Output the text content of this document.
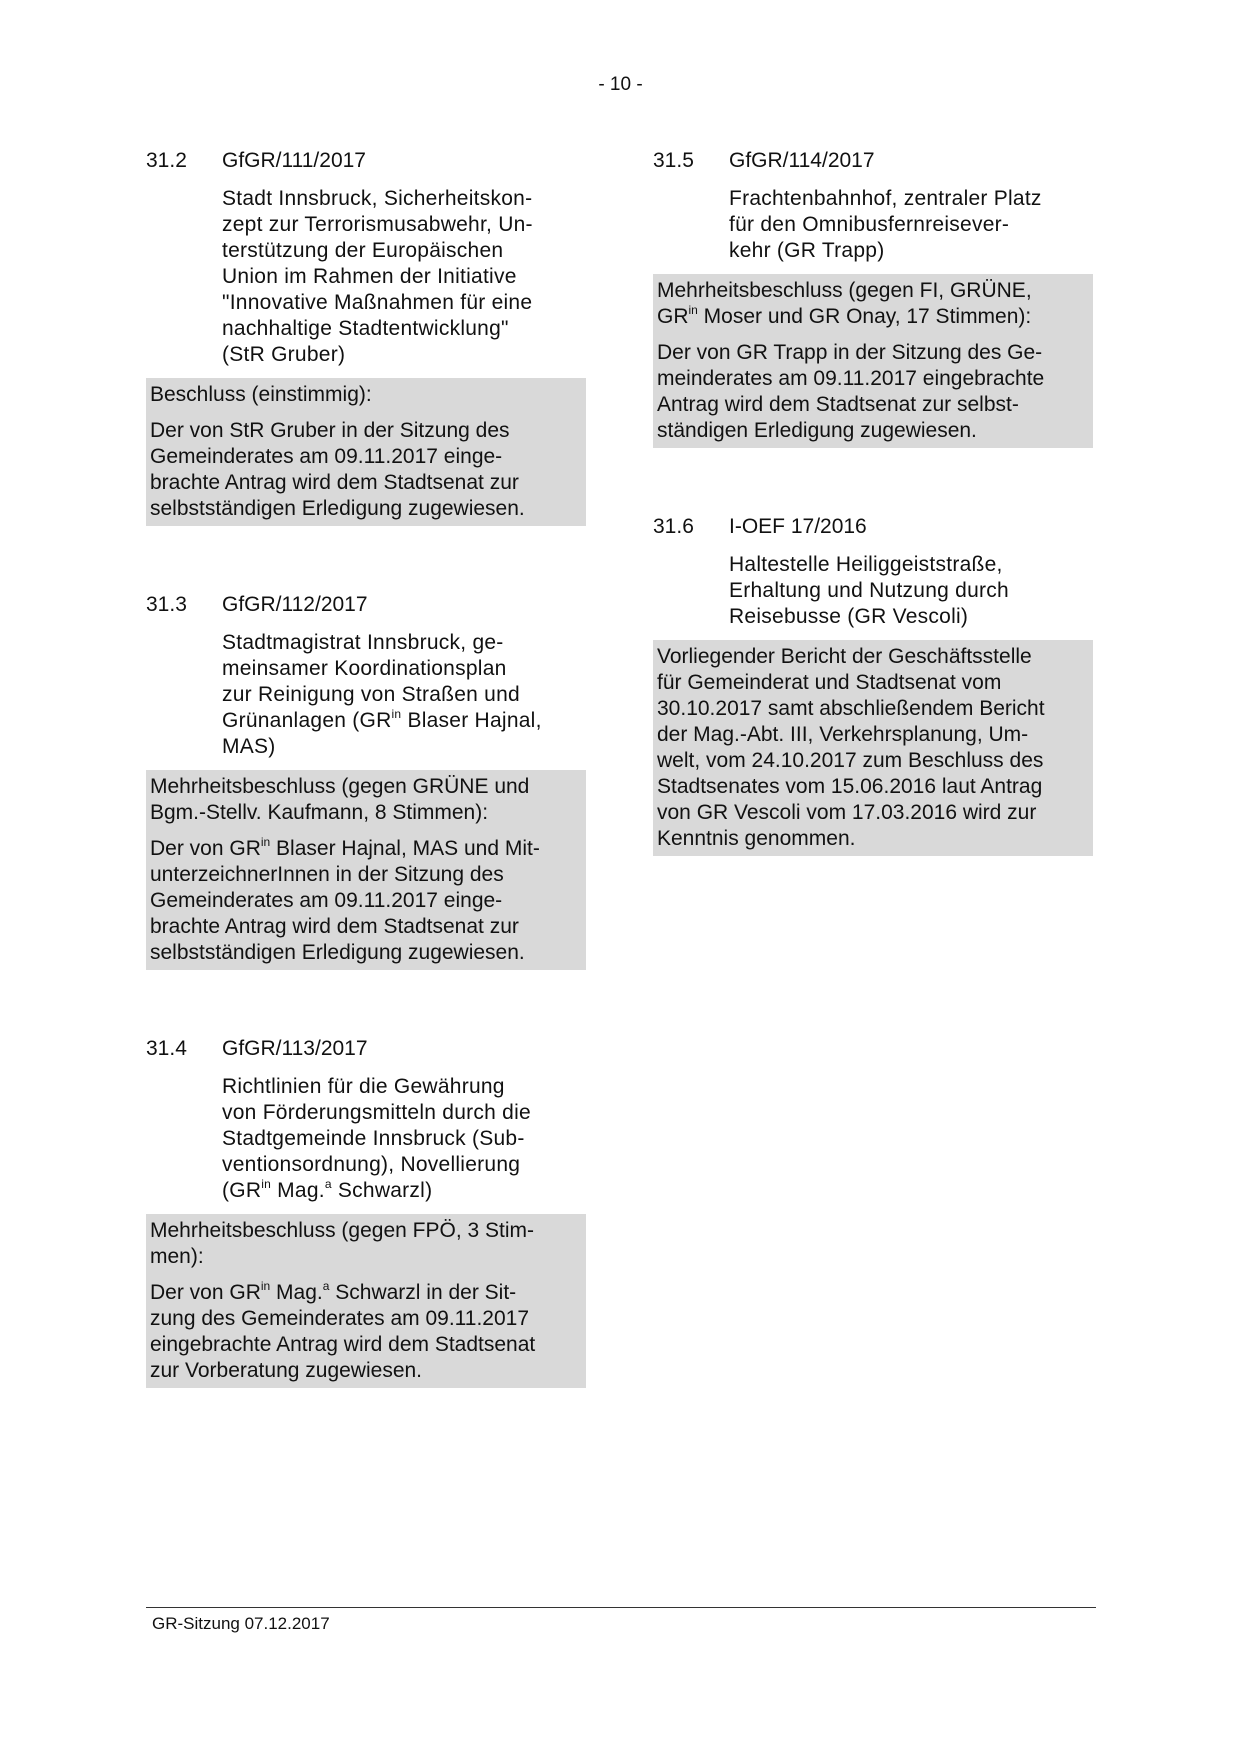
- 10 -
31.2	GfGR/111/2017
Stadt Innsbruck, Sicherheitskon-
zept zur Terrorismusabwehr, Un-
terstützung der Europäischen
Union im Rahmen der Initiative
"Innovative Maßnahmen für eine
nachhaltige Stadtentwicklung"
(StR Gruber)
Beschluss (einstimmig):
Der von StR Gruber in der Sitzung des
Gemeinderates am 09.11.2017 einge-
brachte Antrag wird dem Stadtsenat zur
selbstständigen Erledigung zugewiesen.
31.3	GfGR/112/2017
Stadtmagistrat Innsbruck, ge-
meinsamer Koordinationsplan
zur Reinigung von Straßen und
Grünanlagen ($GR^{in}$ Blaser Hajnal,
MAS)
Mehrheitsbeschluss (gegen GRÜNE und
Bgm.-Stellv. Kaufmann, 8 Stimmen):
Der von $GR^{in}$ Blaser Hajnal, MAS und Mit-
unterzeichnerInnen in der Sitzung des
Gemeinderates am 09.11.2017 einge-
brachte Antrag wird dem Stadtsenat zur
selbstständigen Erledigung zugewiesen.
31.4	GfGR/113/2017
Richtlinien für die Gewährung
von Förderungsmitteln durch die
Stadtgemeinde Innsbruck (Sub-
ventionsordnung), Novellierung
($GR^{in}$ Mag.$^a$ Schwarzl)
Mehrheitsbeschluss (gegen FPÖ, 3 Stim-
men):
Der von $GR^{in}$ Mag.$^a$ Schwarzl in der Sit-
zung des Gemeinderates am 09.11.2017
eingebrachte Antrag wird dem Stadtsenat
zur Vorberatung zugewiesen.
31.5	GfGR/114/2017
Frachtenbahnhof, zentraler Platz
für den Omnibusfernreisever-
kehr (GR Trapp)
Mehrheitsbeschluss (gegen FI, GRÜNE,
$GR^{in}$ Moser und GR Onay, 17 Stimmen):
Der von GR Trapp in der Sitzung des Ge-
meinderates am 09.11.2017 eingebrachte
Antrag wird dem Stadtsenat zur selbst-
ständigen Erledigung zugewiesen.
31.6	I-OEF 17/2016
Haltestelle Heiliggeiststraße,
Erhaltung und Nutzung durch
Reisebusse (GR Vescoli)
Vorliegender Bericht der Geschäftsstelle
für Gemeinderat und Stadtsenat vom
30.10.2017 samt abschließendem Bericht
der Mag.-Abt. III, Verkehrsplanung, Um-
welt, vom 24.10.2017 zum Beschluss des
Stadtsenates vom 15.06.2016 laut Antrag
von GR Vescoli vom 17.03.2016 wird zur
Kenntnis genommen.
GR-Sitzung 07.12.2017
